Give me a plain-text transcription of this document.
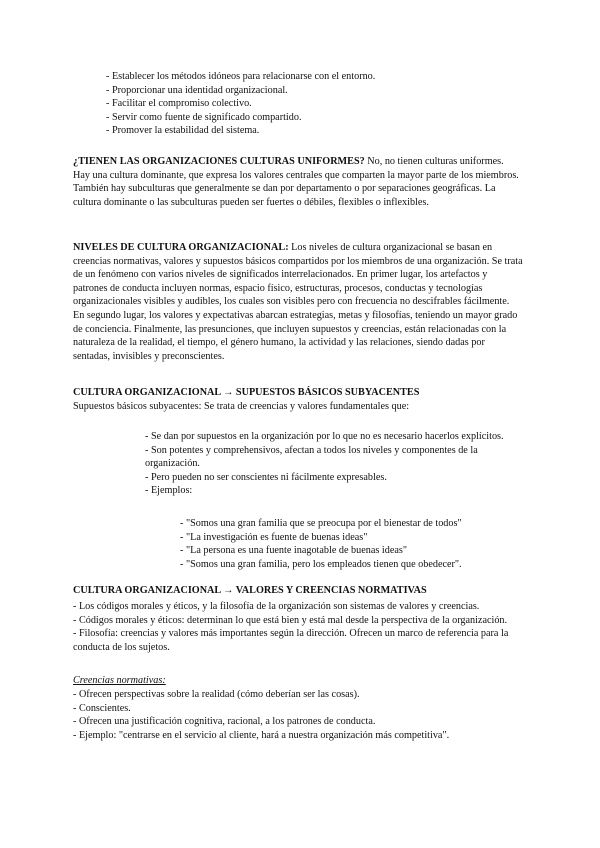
- Establecer los métodos idóneos para relacionarse con el entorno.
- Proporcionar una identidad organizacional.
- Facilitar el compromiso colectivo.
- Servir como fuente de significado compartido.
- Promover la estabilidad del sistema.
¿TIENEN LAS ORGANIZACIONES CULTURAS UNIFORMES? No, no tienen culturas uniformes. Hay una cultura dominante, que expresa los valores centrales que comparten la mayor parte de los miembros. También hay subculturas que generalmente se dan por departamento o por separaciones geográficas. La cultura dominante o las subculturas pueden ser fuertes o débiles, flexibles o inflexibles.
NIVELES DE CULTURA ORGANIZACIONAL: Los niveles de cultura organizacional se basan en creencias normativas, valores y supuestos básicos compartidos por los miembros de una organización. Se trata de un fenómeno con varios niveles de significados interrelacionados. En primer lugar, los artefactos y patrones de conducta incluyen normas, espacio físico, estructuras, procesos, conductas y tecnologías organizacionales visibles y audibles, los cuales son visibles pero con frecuencia no descifrables fácilmente. En segundo lugar, los valores y expectativas abarcan estrategias, metas y filosofías, teniendo un mayor grado de conciencia. Finalmente, las presunciones, que incluyen supuestos y creencias, están relacionadas con la naturaleza de la realidad, el tiempo, el género humano, la actividad y las relaciones, siendo dadas por sentadas, invisibles y preconscientes.
CULTURA ORGANIZACIONAL → SUPUESTOS BÁSICOS SUBYACENTES
Supuestos básicos subyacentes: Se trata de creencias y valores fundamentales que:
- Se dan por supuestos en la organización por lo que no es necesario hacerlos explícitos.
- Son potentes y comprehensivos, afectan a todos los niveles y componentes de la organización.
- Pero pueden no ser conscientes ni fácilmente expresables.
- Ejemplos:
- "Somos una gran familia que se preocupa por el bienestar de todos"
- "La investigación es fuente de buenas ideas"
- "La persona es una fuente inagotable de buenas ideas"
- "Somos una gran familia, pero los empleados tienen que obedecer".
CULTURA ORGANIZACIONAL → VALORES Y CREENCIAS NORMATIVAS
- Los códigos morales y éticos, y la filosofía de la organización son sistemas de valores y creencias.
- Códigos morales y éticos: determinan lo que está bien y está mal desde la perspectiva de la organización.
- Filosofía: creencias y valores más importantes según la dirección. Ofrecen un marco de referencia para la conducta de los sujetos.
Creencias normativas:
- Ofrecen perspectivas sobre la realidad (cómo deberían ser las cosas).
- Conscientes.
- Ofrecen una justificación cognitiva, racional, a los patrones de conducta.
- Ejemplo: "centrarse en el servicio al cliente, hará a nuestra organización más competitiva".
